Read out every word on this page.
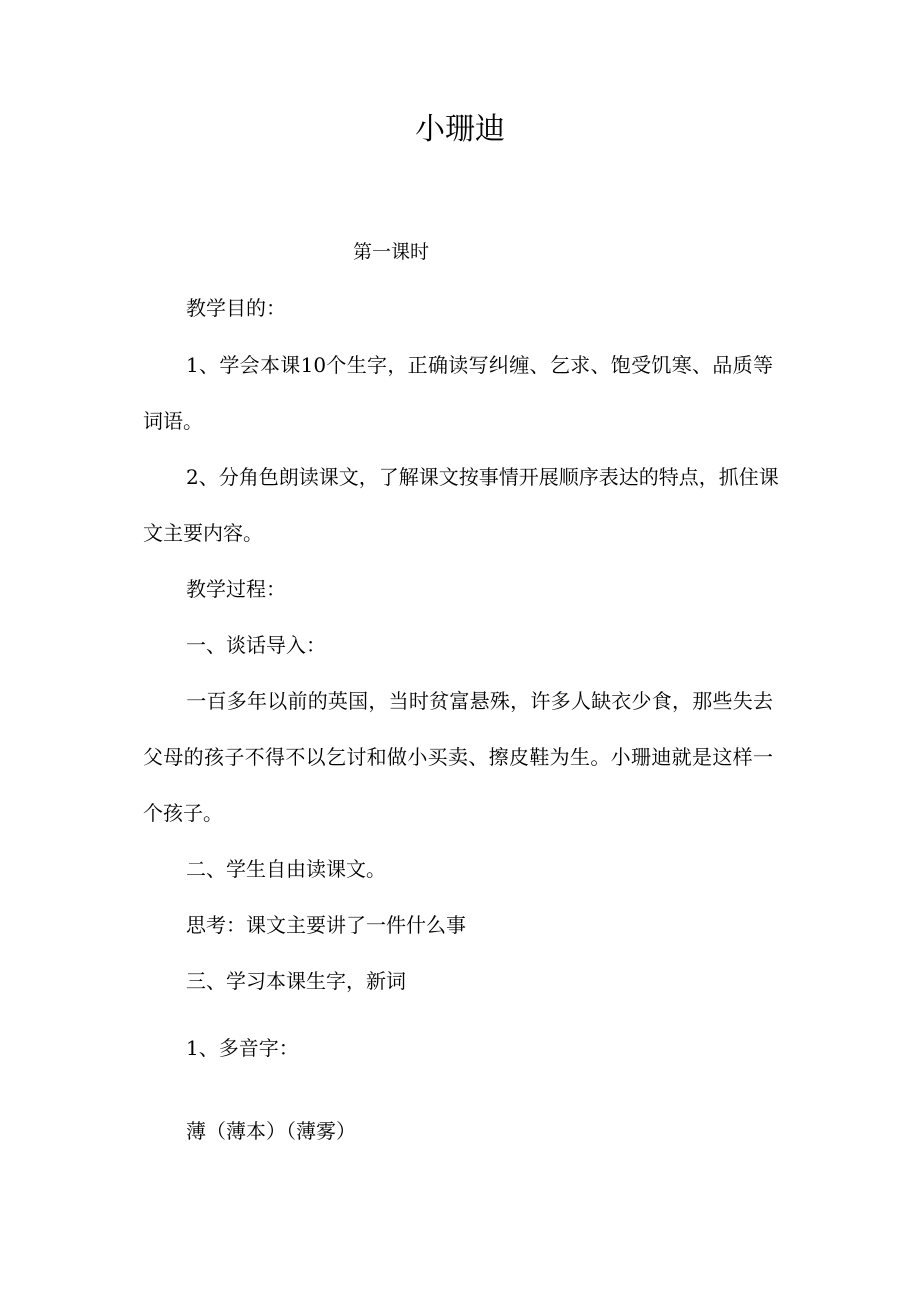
小珊迪
第一课时
教学目的：
1、学会本课10个生字，正确读写纠缠、乞求、饱受饥寒、品质等
词语。
2、分角色朗读课文，了解课文按事情开展顺序表达的特点，抓住课
文主要内容。
教学过程：
一、谈话导入：
一百多年以前的英国，当时贫富悬殊，许多人缺衣少食，那些失去
父母的孩子不得不以乞讨和做小买卖、擦皮鞋为生。小珊迪就是这样一
个孩子。
二、学生自由读课文。
思考：课文主要讲了一件什么事
三、学习本课生字，新词
1、多音字：
薄（薄本）（薄雾）
